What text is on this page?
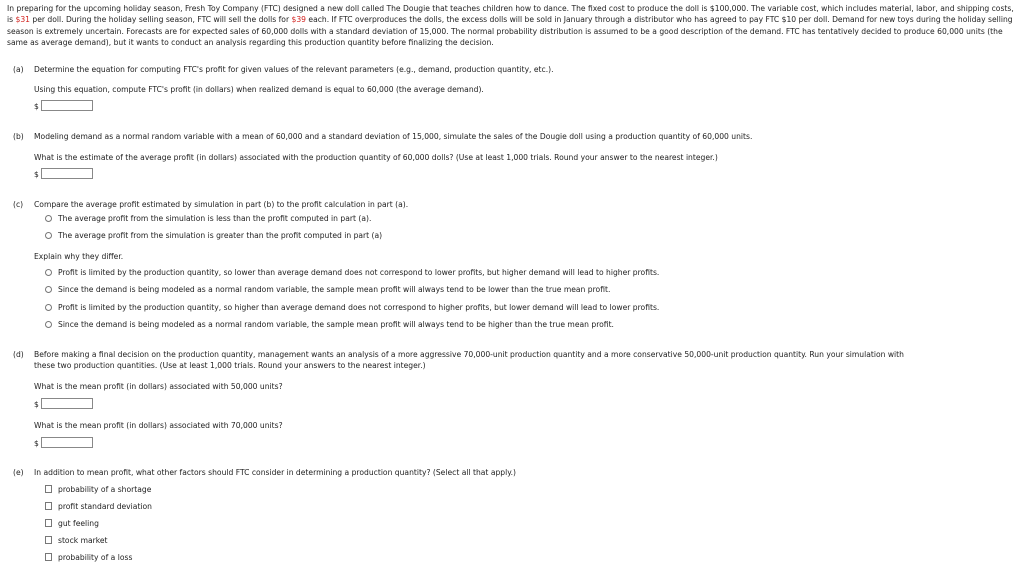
In preparing for the upcoming holiday season, Fresh Toy Company (FTC) designed a new doll called The Dougie that teaches children how to dance. The fixed cost to produce the doll is $100,000. The variable cost, which includes material, labor, and shipping costs, is $31 per doll. During the holiday selling season, FTC will sell the dolls for $39 each. If FTC overproduces the dolls, the excess dolls will be sold in January through a distributor who has agreed to pay FTC $10 per doll. Demand for new toys during the holiday selling season is extremely uncertain. Forecasts are for expected sales of 60,000 dolls with a standard deviation of 15,000. The normal probability distribution is assumed to be a good description of the demand. FTC has tentatively decided to produce 60,000 units (the same as average demand), but it wants to conduct an analysis regarding this production quantity before finalizing the decision.
(a) Determine the equation for computing FTC's profit for given values of the relevant parameters (e.g., demand, production quantity, etc.).
Using this equation, compute FTC's profit (in dollars) when realized demand is equal to 60,000 (the average demand).
$
(b) Modeling demand as a normal random variable with a mean of 60,000 and a standard deviation of 15,000, simulate the sales of the Dougie doll using a production quantity of 60,000 units.
What is the estimate of the average profit (in dollars) associated with the production quantity of 60,000 dolls? (Use at least 1,000 trials. Round your answer to the nearest integer.)
$
(c) Compare the average profit estimated by simulation in part (b) to the profit calculation in part (a).
The average profit from the simulation is less than the profit computed in part (a).
The average profit from the simulation is greater than the profit computed in part (a)
Explain why they differ.
Profit is limited by the production quantity, so lower than average demand does not correspond to lower profits, but higher demand will lead to higher profits.
Since the demand is being modeled as a normal random variable, the sample mean profit will always tend to be lower than the true mean profit.
Profit is limited by the production quantity, so higher than average demand does not correspond to higher profits, but lower demand will lead to lower profits.
Since the demand is being modeled as a normal random variable, the sample mean profit will always tend to be higher than the true mean profit.
(d) Before making a final decision on the production quantity, management wants an analysis of a more aggressive 70,000-unit production quantity and a more conservative 50,000-unit production quantity. Run your simulation with
these two production quantities. (Use at least 1,000 trials. Round your answers to the nearest integer.)
What is the mean profit (in dollars) associated with 50,000 units?
$
What is the mean profit (in dollars) associated with 70,000 units?
$
(e) In addition to mean profit, what other factors should FTC consider in determining a production quantity? (Select all that apply.)
probability of a shortage
profit standard deviation
gut feeling
stock market
probability of a loss
